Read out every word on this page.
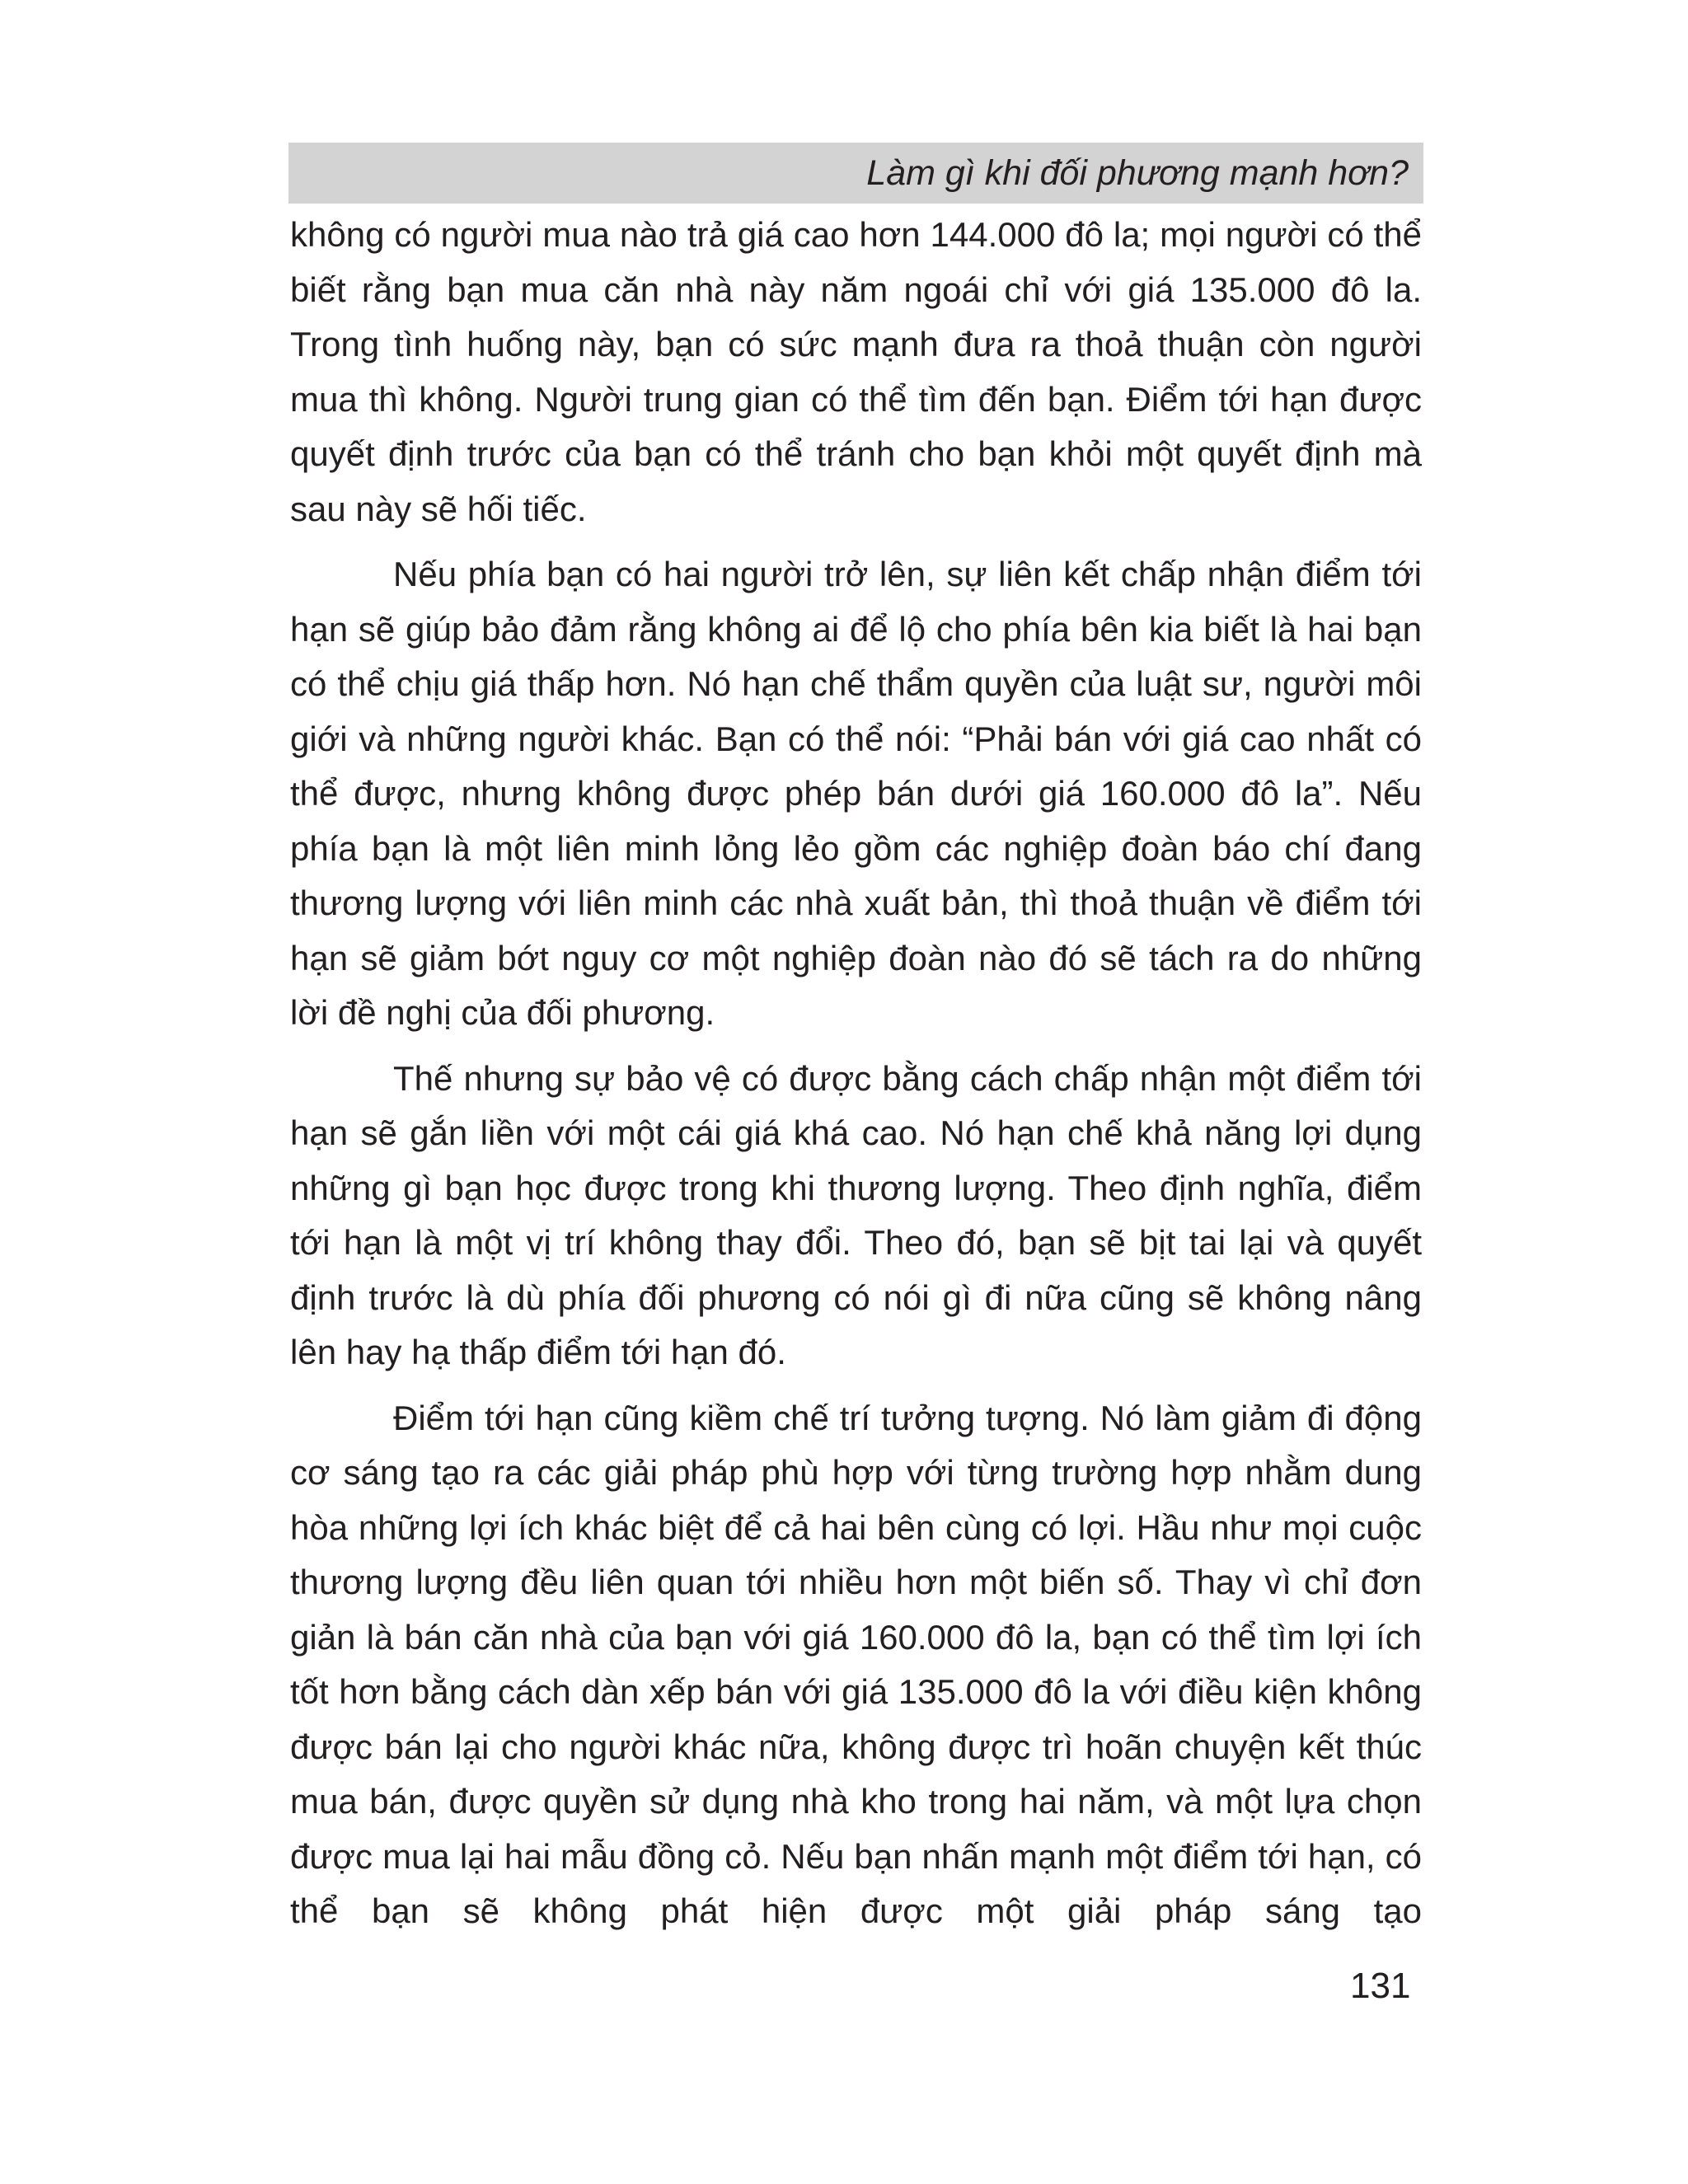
Làm gì khi đối phương mạnh hơn?

không có người mua nào trả giá cao hơn 144.000 đô la; mọi người có thể biết rằng bạn mua căn nhà này năm ngoái chỉ với giá 135.000 đô la. Trong tình huống này, bạn có sức mạnh đưa ra thoả thuận còn người mua thì không. Người trung gian có thể tìm đến bạn. Điểm tới hạn được quyết định trước của bạn có thể tránh cho bạn khỏi một quyết định mà sau này sẽ hối tiếc.

Nếu phía bạn có hai người trở lên, sự liên kết chấp nhận điểm tới hạn sẽ giúp bảo đảm rằng không ai để lộ cho phía bên kia biết là hai bạn có thể chịu giá thấp hơn. Nó hạn chế thẩm quyền của luật sư, người môi giới và những người khác. Bạn có thể nói: “Phải bán với giá cao nhất có thể được, nhưng không được phép bán dưới giá 160.000 đô la”. Nếu phía bạn là một liên minh lỏng lẻo gồm các nghiệp đoàn báo chí đang thương lượng với liên minh các nhà xuất bản, thì thoả thuận về điểm tới hạn sẽ giảm bớt nguy cơ một nghiệp đoàn nào đó sẽ tách ra do những lời đề nghị của đối phương.

Thế nhưng sự bảo vệ có được bằng cách chấp nhận một điểm tới hạn sẽ gắn liền với một cái giá khá cao. Nó hạn chế khả năng lợi dụng những gì bạn học được trong khi thương lượng. Theo định nghĩa, điểm tới hạn là một vị trí không thay đổi. Theo đó, bạn sẽ bịt tai lại và quyết định trước là dù phía đối phương có nói gì đi nữa cũng sẽ không nâng lên hay hạ thấp điểm tới hạn đó.

Điểm tới hạn cũng kiềm chế trí tưởng tượng. Nó làm giảm đi động cơ sáng tạo ra các giải pháp phù hợp với từng trường hợp nhằm dung hòa những lợi ích khác biệt để cả hai bên cùng có lợi. Hầu như mọi cuộc thương lượng đều liên quan tới nhiều hơn một biến số. Thay vì chỉ đơn giản là bán căn nhà của bạn với giá 160.000 đô la, bạn có thể tìm lợi ích tốt hơn bằng cách dàn xếp bán với giá 135.000 đô la với điều kiện không được bán lại cho người khác nữa, không được trì hoãn chuyện kết thúc mua bán, được quyền sử dụng nhà kho trong hai năm, và một lựa chọn được mua lại hai mẫu đồng cỏ. Nếu bạn nhấn mạnh một điểm tới hạn, có thể bạn sẽ không phát hiện được một giải pháp sáng tạo

131
